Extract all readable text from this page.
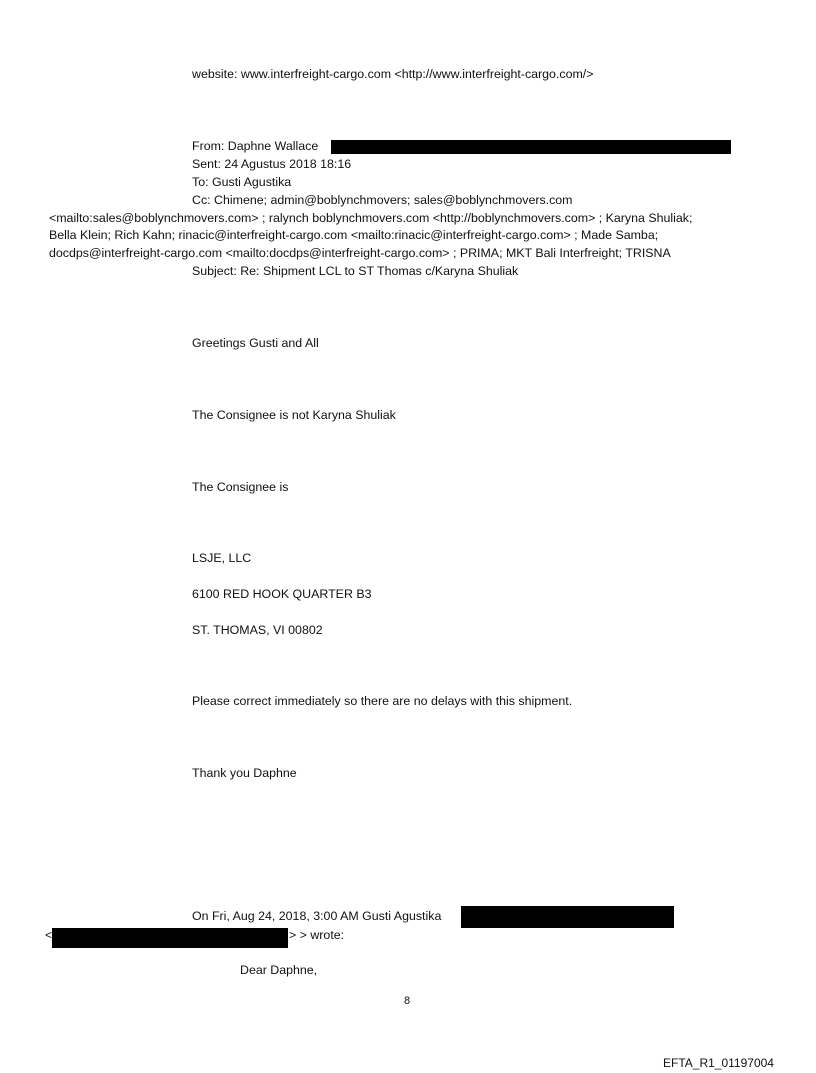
website: www.interfreight-cargo.com <http://www.interfreight-cargo.com/>
From: Daphne Wallace
Sent: 24 Agustus 2018 18:16
To: Gusti Agustika
Cc: Chimene; admin@boblynchmovers; sales@boblynchmovers.com
<mailto:sales@boblynchmovers.com> ; ralynch boblynchmovers.com <http://boblynchmovers.com> ; Karyna Shuliak;
Bella Klein; Rich Kahn; rinacic@interfreight-cargo.com <mailto:rinacic@interfreight-cargo.com> ; Made Samba;
docdps@interfreight-cargo.com <mailto:docdps@interfreight-cargo.com> ; PRIMA; MKT Bali Interfreight; TRISNA
Subject: Re: Shipment LCL to ST Thomas c/Karyna Shuliak
Greetings Gusti and All
The Consignee is not Karyna Shuliak
The Consignee is
LSJE, LLC
6100 RED HOOK QUARTER B3
ST. THOMAS, VI 00802
Please correct immediately so there are no delays with this shipment.
Thank you Daphne
On Fri, Aug 24, 2018, 3:00 AM Gusti Agustika
<	> > wrote:
Dear Daphne,
8
EFTA_R1_01197004
